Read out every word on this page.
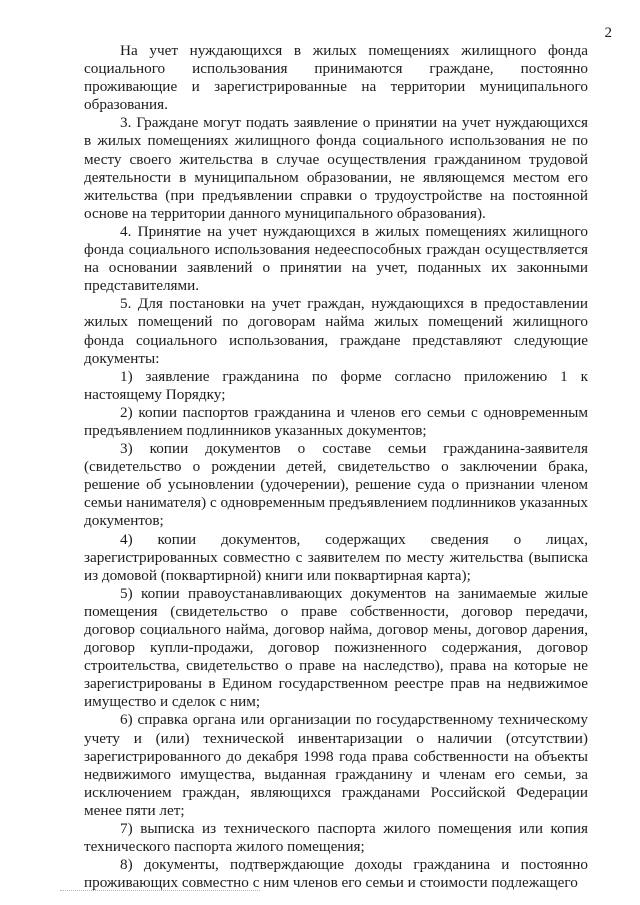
2

На учет нуждающихся в жилых помещениях жилищного фонда социального использования принимаются граждане, постоянно проживающие и зарегистрированные на территории муниципального образования.

3. Граждане могут подать заявление о принятии на учет нуждающихся в жилых помещениях жилищного фонда социального использования не по месту своего жительства в случае осуществления гражданином трудовой деятельности в муниципальном образовании, не являющемся местом его жительства (при предъявлении справки о трудоустройстве на постоянной основе на территории данного муниципального образования).

4. Принятие на учет нуждающихся в жилых помещениях жилищного фонда социального использования недееспособных граждан осуществляется на основании заявлений о принятии на учет, поданных их законными представителями.

5. Для постановки на учет граждан, нуждающихся в предоставлении жилых помещений по договорам найма жилых помещений жилищного фонда социального использования, граждане представляют следующие документы:

1) заявление гражданина по форме согласно приложению 1 к настоящему Порядку;

2) копии паспортов гражданина и членов его семьи с одновременным предъявлением подлинников указанных документов;

3) копии документов о составе семьи гражданина-заявителя (свидетельство о рождении детей, свидетельство о заключении брака, решение об усыновлении (удочерении), решение суда о признании членом семьи нанимателя) с одновременным предъявлением подлинников указанных документов;

4) копии документов, содержащих сведения о лицах, зарегистрированных совместно с заявителем по месту жительства (выписка из домовой (поквартирной) книги или поквартирная карта);

5) копии правоустанавливающих документов на занимаемые жилые помещения (свидетельство о праве собственности, договор передачи, договор социального найма, договор найма, договор мены, договор дарения, договор купли-продажи, договор пожизненного содержания, договор строительства, свидетельство о праве на наследство), права на которые не зарегистрированы в Едином государственном реестре прав на недвижимое имущество и сделок с ним;

6) справка органа или организации по государственному техническому учету и (или) технической инвентаризации о наличии (отсутствии) зарегистрированного до декабря 1998 года права собственности на объекты недвижимого имущества, выданная гражданину и членам его семьи, за исключением граждан, являющихся гражданами Российской Федерации менее пяти лет;

7) выписка из технического паспорта жилого помещения или копия технического паспорта жилого помещения;

8) документы, подтверждающие доходы гражданина и постоянно проживающих совместно с ним членов его семьи и стоимости подлежащего
